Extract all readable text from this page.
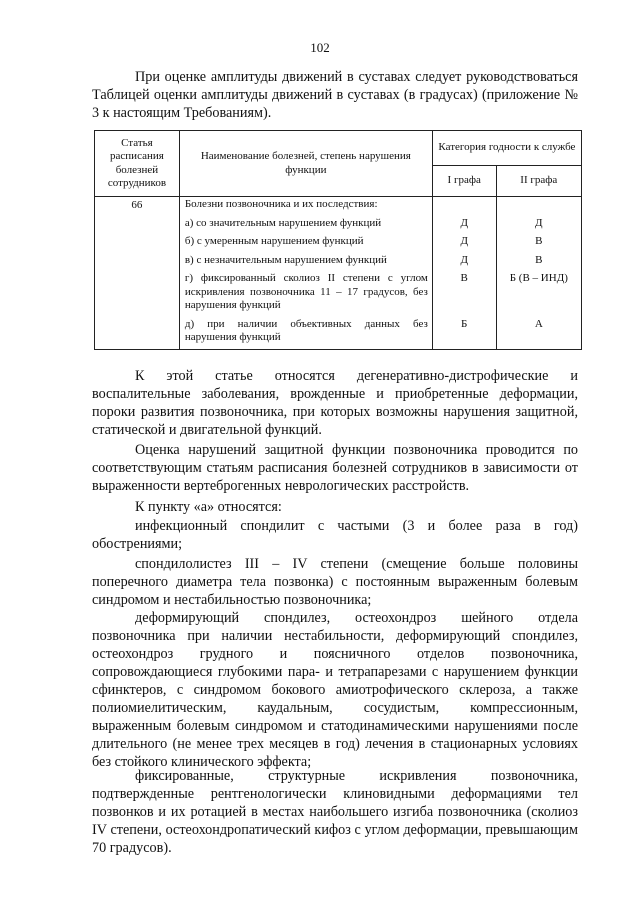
102

При оценке амплитуды движений в суставах следует руководствоваться Таблицей оценки амплитуды движений в суставах (в градусах) (приложение № 3 к настоящим Требованиям).

Статья расписания болезней сотрудников	Наименование болезней, степень нарушения функции	Категория годности к службе	
		I графа	II графа
66	Болезни позвоночника и их последствия:		
	а) со значительным нарушением функций	Д	Д
	б) с умеренным нарушением функций	Д	В
	в) с незначительным нарушением функций	Д	В
	г) фиксированный сколиоз II степени с углом искривления позвоночника 11 – 17 градусов, без нарушения функций	В	Б (В – ИНД)
	д) при наличии объективных данных без нарушения функций	Б	А

К этой статье относятся дегенеративно-дистрофические и воспалительные заболевания, врожденные и приобретенные деформации, пороки развития позвоночника, при которых возможны нарушения защитной, статической и двигательной функций.

Оценка нарушений защитной функции позвоночника проводится по соответствующим статьям расписания болезней сотрудников в зависимости от выраженности вертеброгенных неврологических расстройств.

К пункту «а» относятся:

инфекционный спондилит с частыми (3 и более раза в год) обострениями;

спондилолистез III – IV степени (смещение больше половины поперечного диаметра тела позвонка) с постоянным выраженным болевым синдромом и нестабильностью позвоночника;

деформирующий спондилез, остеохондроз шейного отдела позвоночника при наличии нестабильности, деформирующий спондилез, остеохондроз грудного и поясничного отделов позвоночника, сопровождающиеся глубокими пара- и тетрапарезами с нарушением функции сфинктеров, с синдромом бокового амиотрофического склероза, а также полиомиелитическим, каудальным, сосудистым, компрессионным, выраженным болевым синдромом и статодинамическими нарушениями после длительного (не менее трех месяцев в год) лечения в стационарных условиях без стойкого клинического эффекта;

фиксированные, структурные искривления позвоночника, подтвержденные рентгенологически клиновидными деформациями тел позвонков и их ротацией в местах наибольшего изгиба позвоночника (сколиоз IV степени, остеохондропатический кифоз с углом деформации, превышающим 70 градусов).
